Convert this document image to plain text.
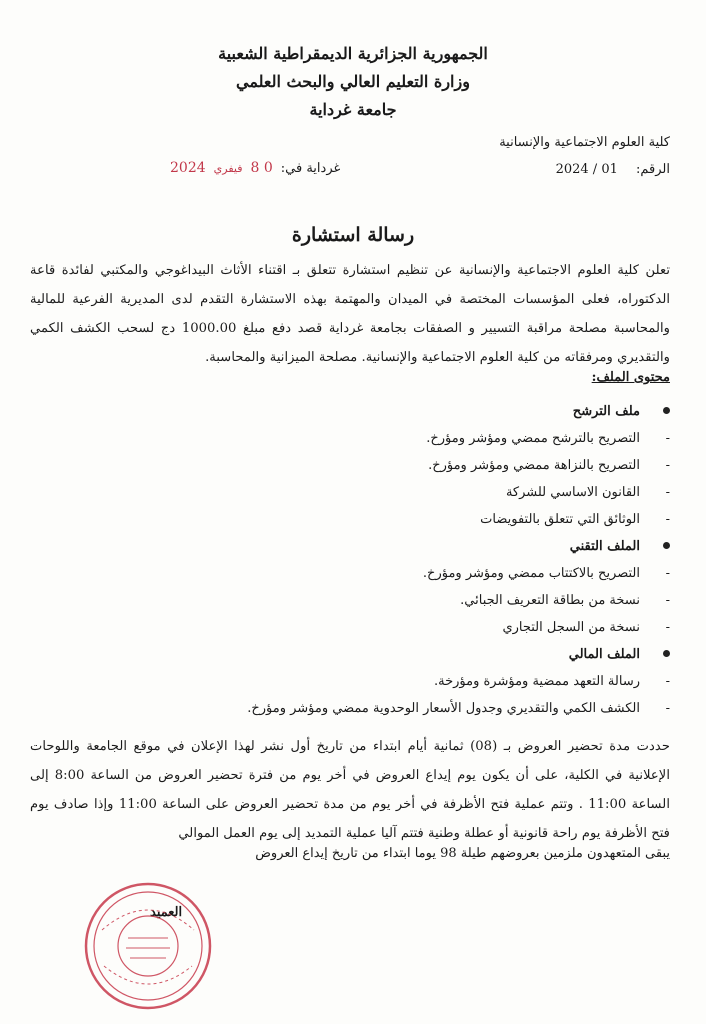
الجمهورية الجزائرية الديمقراطية الشعبية
وزارة التعليم العالي والبحث العلمي
جامعة غرداية
كلية العلوم الاجتماعية والإنسانية
الرقم: 01 / 2024
غرداية في:
0 8
فيفري
2024
رسالة استشارة
تعلن كلية العلوم الاجتماعية والإنسانية عن تنظيم استشارة تتعلق بـ اقتناء الأثاث البيداغوجي والمكتبي لفائدة قاعة الدكتوراه، فعلى المؤسسات المختصة في الميدان والمهتمة بهذه الاستشارة التقدم لدى المديرية الفرعية للمالية والمحاسبة مصلحة مراقبة التسيير و الصفقات بجامعة غرداية قصد دفع مبلغ 1000.00 دج لسحب الكشف الكمي والتقديري ومرفقاته من كلية العلوم الاجتماعية والإنسانية. مصلحة الميزانية والمحاسبة.
محتوى الملف:
ملف الترشح
-
التصريح بالترشح ممضي ومؤشر ومؤرخ.
-
التصريح بالنزاهة ممضي ومؤشر ومؤرخ.
-
القانون الاساسي للشركة
-
الوثائق التي تتعلق بالتفويضات
الملف التقني
-
التصريح بالاكتتاب ممضي ومؤشر ومؤرخ.
-
نسخة من بطاقة التعريف الجبائي.
-
نسخة من السجل التجاري
الملف المالي
-
رسالة التعهد ممضية ومؤشرة ومؤرخة.
-
الكشف الكمي والتقديري وجدول الأسعار الوحدوية ممضي ومؤشر ومؤرخ.
حددت مدة تحضير العروض بـ (08) ثمانية أيام ابتداء من تاريخ أول نشر لهذا الإعلان في موقع الجامعة واللوحات الإعلانية في الكلية، على أن يكون يوم إيداع العروض في أخر يوم من فترة تحضير العروض من الساعة 8:00 إلى الساعة 11:00 . وتتم عملية فتح الأظرفة في أخر يوم من مدة تحضير العروض على الساعة 11:00 وإذا صادف يوم فتح الأظرفة يوم راحة قانونية أو عطلة وطنية فتتم آليا عملية التمديد إلى يوم العمل الموالي
يبقى المتعهدون ملزمين بعروضهم طيلة 98 يوما ابتداء من تاريخ إيداع العروض
العميد
